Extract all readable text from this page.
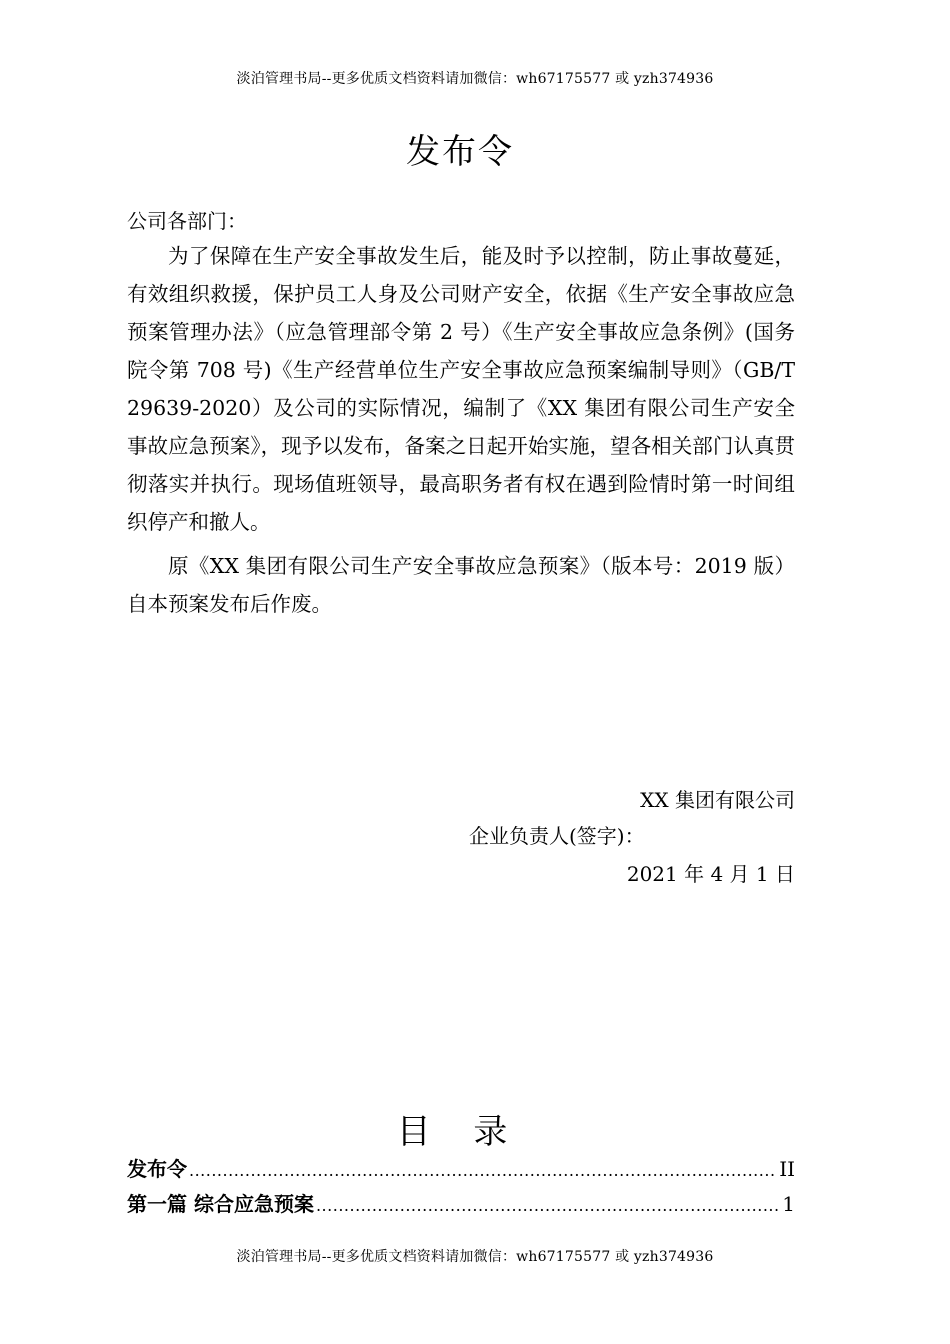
淡泊管理书局--更多优质文档资料请加微信：wh67175577 或 yzh374936
发布令
公司各部门：

为了保障在生产安全事故发生后，能及时予以控制，防止事故蔓延，有效组织救援，保护员工人身及公司财产安全，依据《生产安全事故应急预案管理办法》（应急管理部令第 2 号）《生产安全事故应急条例》(国务院令第 708 号)《生产经营单位生产安全事故应急预案编制导则》（GB/T 29639-2020）及公司的实际情况，编制了《XX 集团有限公司生产安全事故应急预案》，现予以发布，备案之日起开始实施，望各相关部门认真贯彻落实并执行。现场值班领导，最高职务者有权在遇到险情时第一时间组织停产和撤人。

原《XX 集团有限公司生产安全事故应急预案》（版本号：2019 版）自本预案发布后作废。

XX 集团有限公司
企业负责人(签字)：
2021 年 4 月 1 日
目 录
发布令 .....	II
第一篇 综合应急预案 .....	1
淡泊管理书局--更多优质文档资料请加微信：wh67175577 或 yzh374936
